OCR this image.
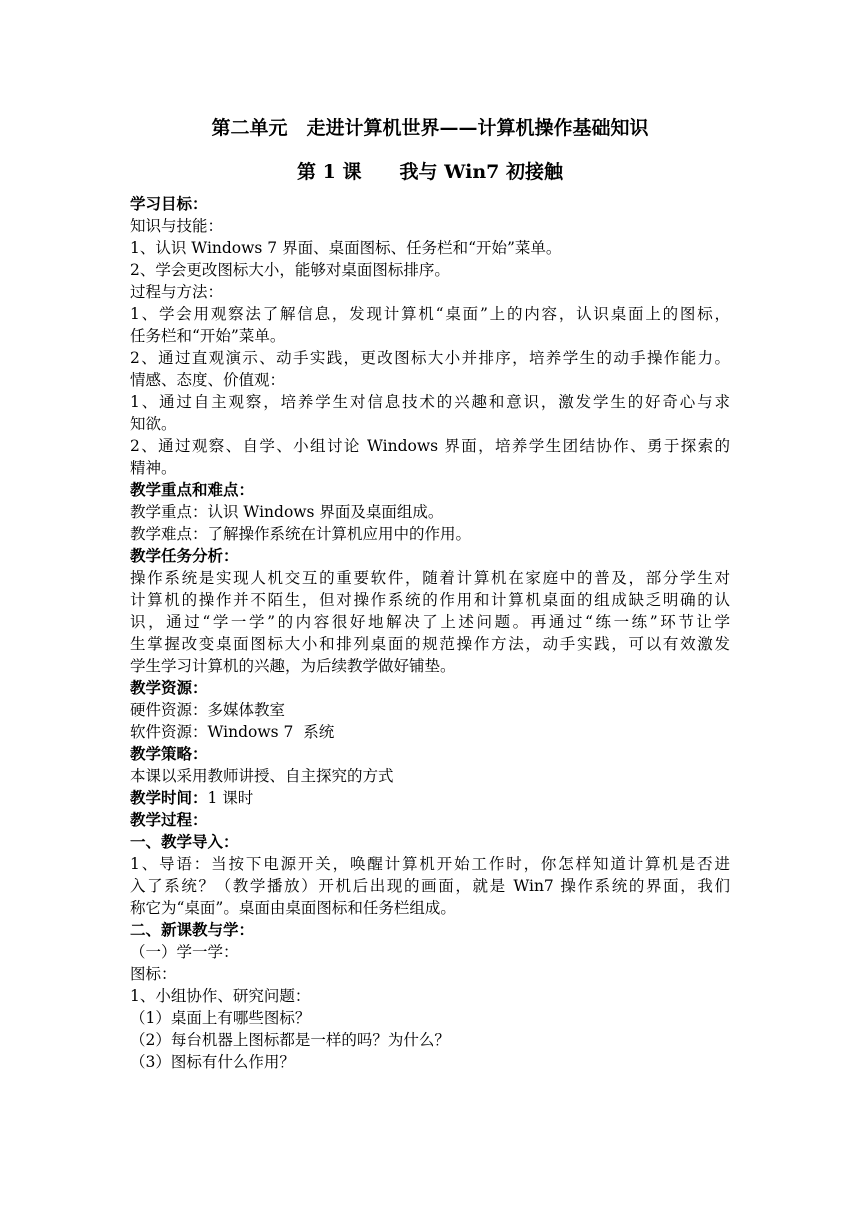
第二单元　走进计算机世界——计算机操作基础知识
第 1 课　　我与 Win7 初接触
学习目标：
知识与技能：
1、认识 Windows 7 界面、桌面图标、任务栏和“开始”菜单。
2、学会更改图标大小，能够对桌面图标排序。
过程与方法：
1、学会用观察法了解信息，发现计算机“桌面”上的内容，认识桌面上的图标，
任务栏和“开始”菜单。
2、通过直观演示、动手实践，更改图标大小并排序，培养学生的动手操作能力。
情感、态度、价值观：
1、通过自主观察，培养学生对信息技术的兴趣和意识，激发学生的好奇心与求
知欲。
2、通过观察、自学、小组讨论 Windows 界面，培养学生团结协作、勇于探索的
精神。
教学重点和难点：
教学重点：认识 Windows 界面及桌面组成。
教学难点：了解操作系统在计算机应用中的作用。
教学任务分析：
操作系统是实现人机交互的重要软件，随着计算机在家庭中的普及，部分学生对
计算机的操作并不陌生，但对操作系统的作用和计算机桌面的组成缺乏明确的认
识，通过“学一学”的内容很好地解决了上述问题。再通过“练一练”环节让学
生掌握改变桌面图标大小和排列桌面的规范操作方法，动手实践，可以有效激发
学生学习计算机的兴趣，为后续教学做好铺垫。
教学资源：
硬件资源：多媒体教室
软件资源：Windows 7  系统
教学策略：
本课以采用教师讲授、自主探究的方式
教学时间：1 课时
教学过程：
一、教学导入：
1、导语：当按下电源开关，唤醒计算机开始工作时，你怎样知道计算机是否进
入了系统？（教学播放）开机后出现的画面，就是 Win7 操作系统的界面，我们
称它为“桌面”。桌面由桌面图标和任务栏组成。
二、新课教与学：
（一）学一学：
图标：
1、小组协作、研究问题：
（1）桌面上有哪些图标？
（2）每台机器上图标都是一样的吗？为什么？
（3）图标有什么作用？
